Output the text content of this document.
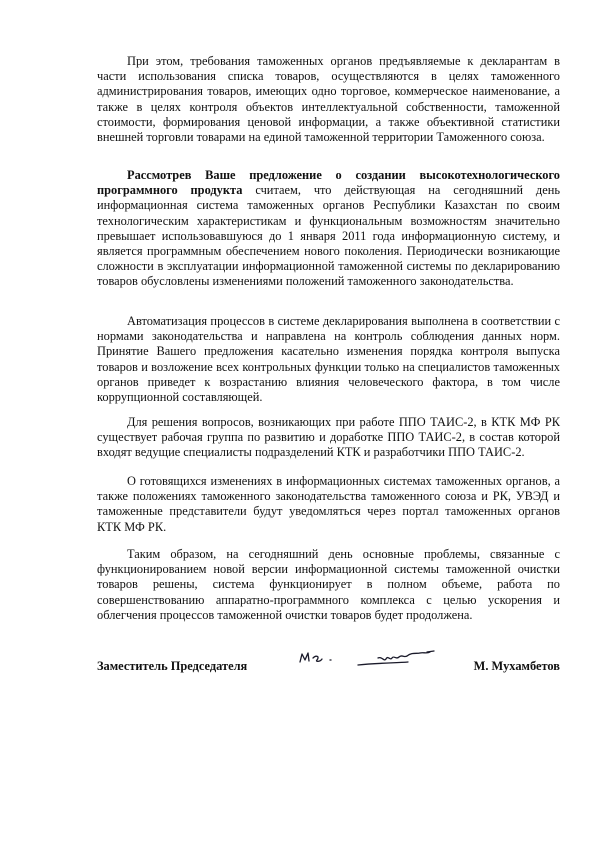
При этом, требования таможенных органов предъявляемые к декларантам в части использования списка товаров, осуществляются в целях таможенного администрирования товаров, имеющих одно торговое, коммерческое наименование, а также в целях контроля объектов интеллектуальной собственности, таможенной стоимости, формирования ценовой информации, а также объективной статистики внешней торговли товарами на единой таможенной территории Таможенного союза.

Рассмотрев Ваше предложение о создании высокотехнологического программного продукта считаем, что действующая на сегодняшний день информационная система таможенных органов Республики Казахстан по своим технологическим характеристикам и функциональным возможностям значительно превышает использовавшуюся до 1 января 2011 года информационную систему, и является программным обеспечением нового поколения. Периодически возникающие сложности в эксплуатации информационной таможенной системы по декларированию товаров обусловлены изменениями положений таможенного законодательства.

Автоматизация процессов в системе декларирования выполнена в соответствии с нормами законодательства и направлена на контроль соблюдения данных норм. Принятие Вашего предложения касательно изменения порядка контроля выпуска товаров и возложение всех контрольных функции только на специалистов таможенных органов приведет к возрастанию влияния человеческого фактора, в том числе коррупционной составляющей.

Для решения вопросов, возникающих при работе ППО ТАИС-2, в КТК МФ РК существует рабочая группа по развитию и доработке ППО ТАИС-2, в состав которой входят ведущие специалисты подразделений КТК и разработчики ППО ТАИС-2.

О готовящихся изменениях в информационных системах таможенных органов, а также положениях таможенного законодательства таможенного союза и РК, УВЭД и таможенные представители будут уведомляться через портал таможенных органов КТК МФ РК.

Таким образом, на сегодняшний день основные проблемы, связанные с функционированием новой версии информационной системы таможенной очистки товаров решены, система функционирует в полном объеме, работа по совершенствованию аппаратно-программного комплекса с целью ускорения и облегчения процессов таможенной очистки товаров будет продолжена.

Заместитель Председателя	М. Мухамбетов
